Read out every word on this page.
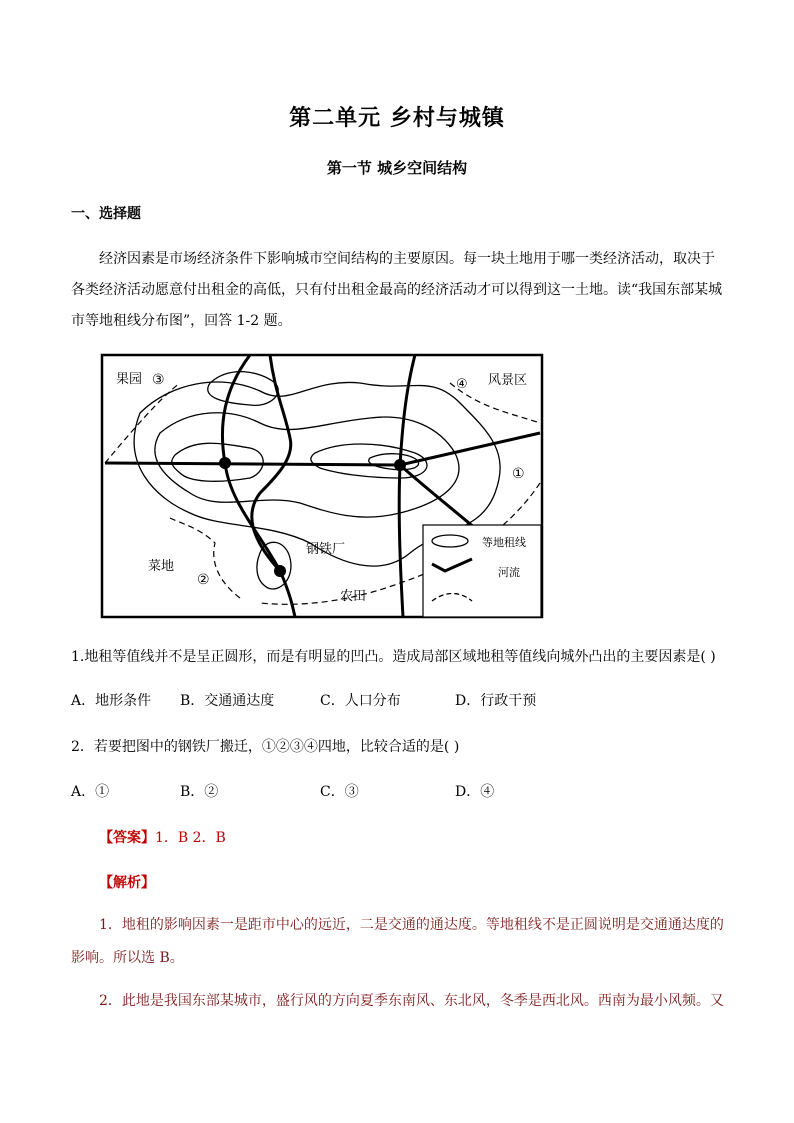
第二单元 乡村与城镇
第一节 城乡空间结构
一、选择题
经济因素是市场经济条件下影响城市空间结构的主要原因。每一块土地用于哪一类经济活动，取决于各类经济活动愿意付出租金的高低，只有付出租金最高的经济活动才可以得到这一土地。读“我国东部某城市等地租线分布图”，回答 1-2 题。
果园 ③	④ 风景区
①
菜地
②
钢铁厂
农田
等地租线
河流
1.地租等值线并不是呈正圆形，而是有明显的凹凸。造成局部区域地租等值线向城外凸出的主要因素是( )
A．地形条件 B．交通通达度	C．人口分布	D．行政干预
2．若要把图中的钢铁厂搬迁，①②③④四地，比较合适的是( )
A．①	B．②	C．③	D．④
【答案】1．B 2．B
【解析】
1．地租的影响因素一是距市中心的远近，二是交通的通达度。等地租线不是正圆说明是交通通达度的影响。所以选 B。
2．此地是我国东部某城市，盛行风的方向夏季东南风、东北风，冬季是西北风。西南为最小风频。又
